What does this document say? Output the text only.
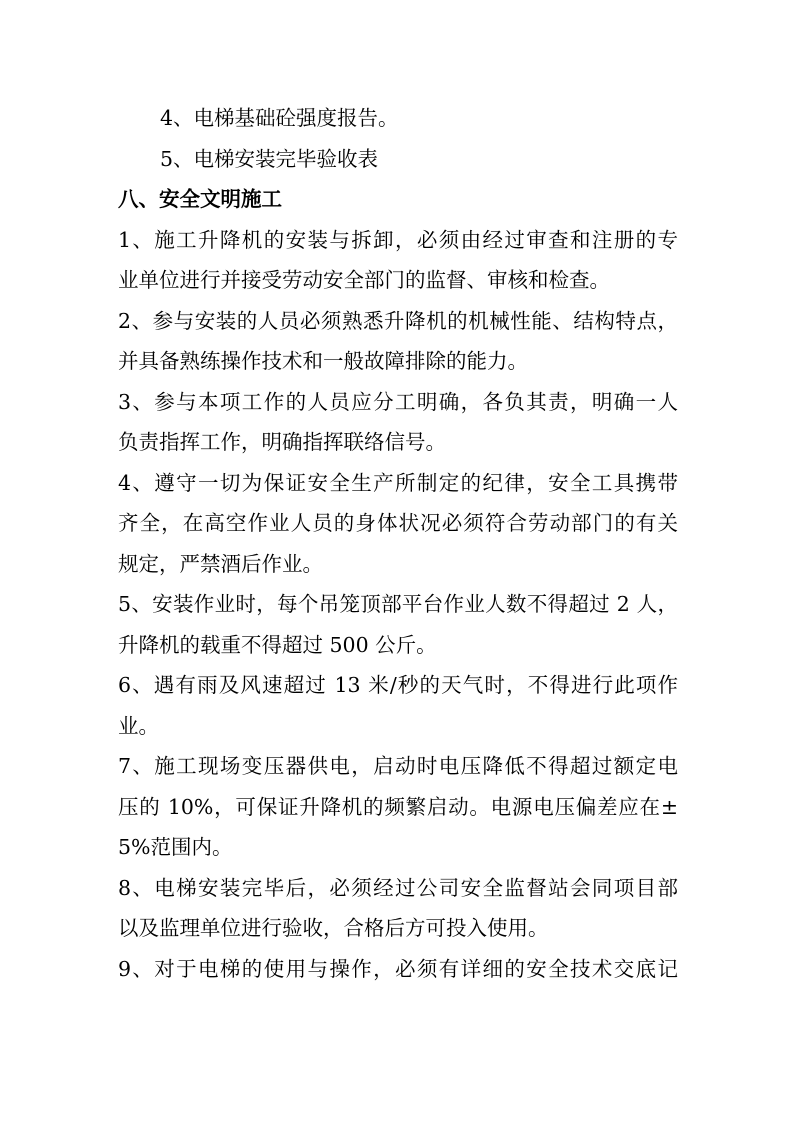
4、电梯基础砼强度报告。
5、电梯安装完毕验收表
八、安全文明施工
1、施工升降机的安装与拆卸，必须由经过审查和注册的专
业单位进行并接受劳动安全部门的监督、审核和检查。
2、参与安装的人员必须熟悉升降机的机械性能、结构特点，
并具备熟练操作技术和一般故障排除的能力。
3、参与本项工作的人员应分工明确，各负其责，明确一人
负责指挥工作，明确指挥联络信号。
4、遵守一切为保证安全生产所制定的纪律，安全工具携带
齐全，在高空作业人员的身体状况必须符合劳动部门的有关
规定，严禁酒后作业。
5、安装作业时，每个吊笼顶部平台作业人数不得超过 2 人，
升降机的载重不得超过 500 公斤。
6、遇有雨及风速超过 13 米/秒的天气时，不得进行此项作
业。
7、施工现场变压器供电，启动时电压降低不得超过额定电
压的 10%，可保证升降机的频繁启动。电源电压偏差应在±
5%范围内。
8、电梯安装完毕后，必须经过公司安全监督站会同项目部
以及监理单位进行验收，合格后方可投入使用。
9、对于电梯的使用与操作，必须有详细的安全技术交底记
